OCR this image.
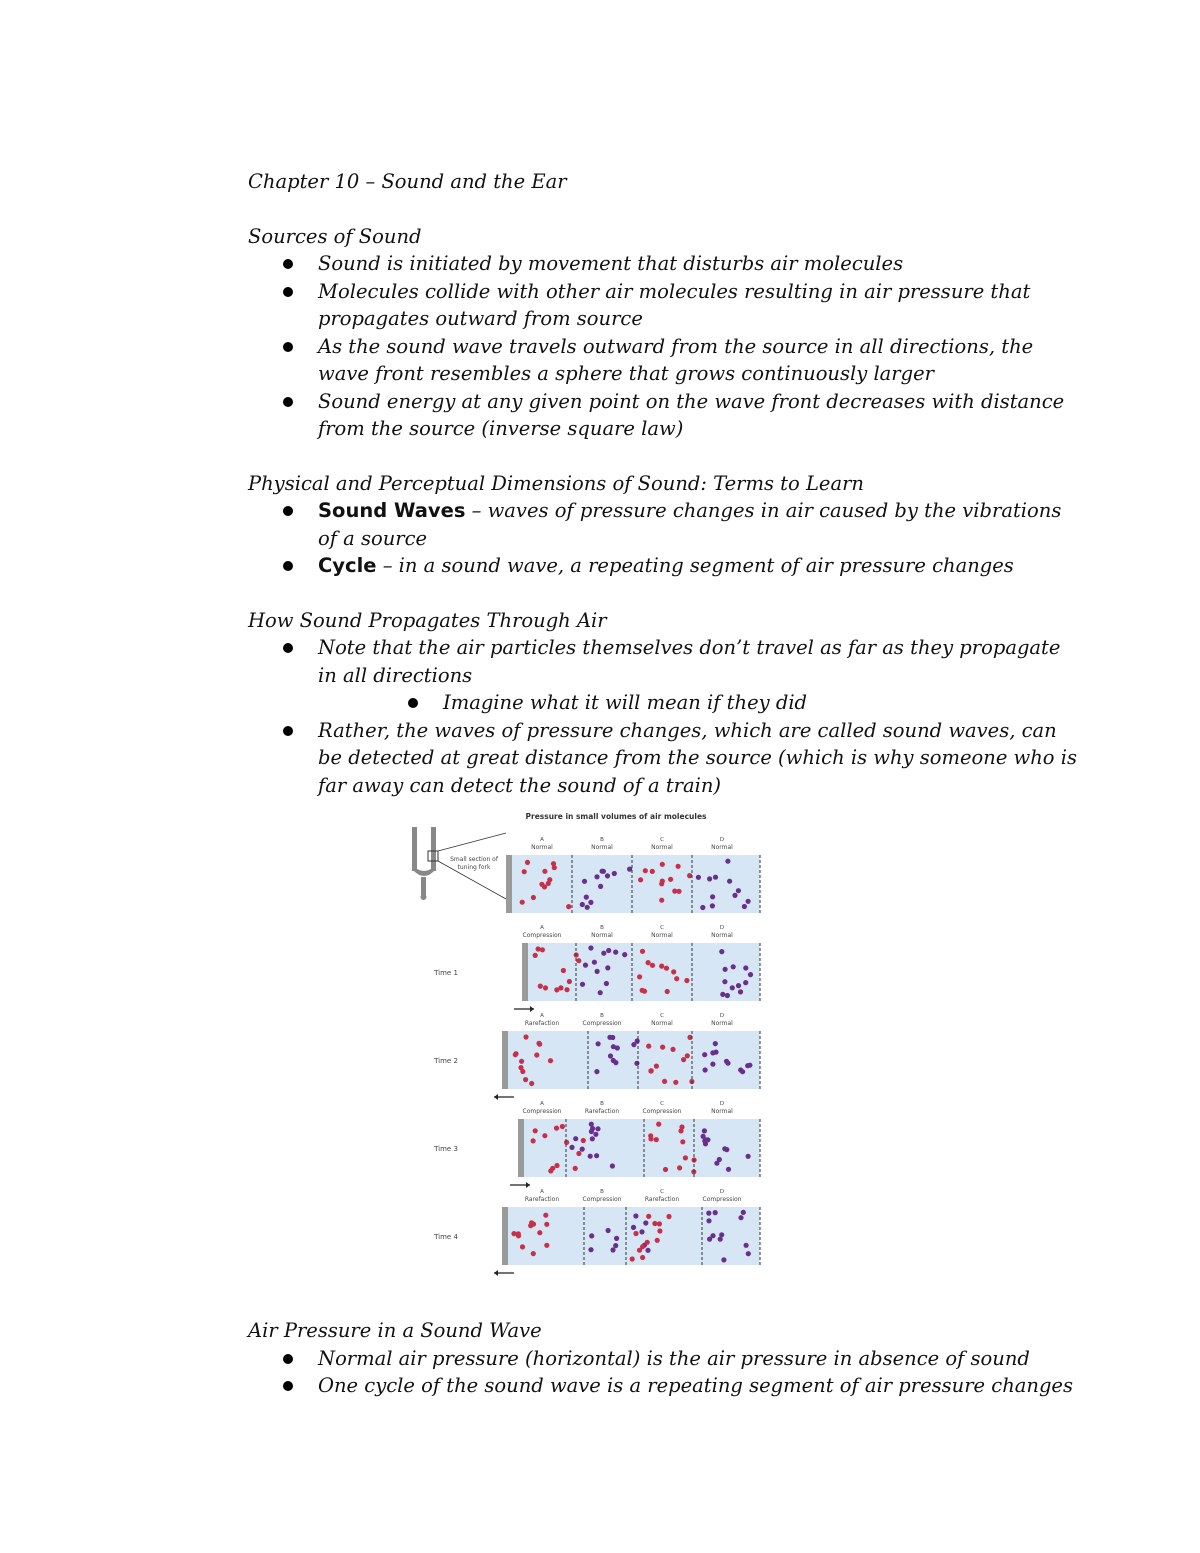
Chapter 10 – Sound and the Ear

Sources of Sound

Sound is initiated by movement that disturbs air molecules
Molecules collide with other air molecules resulting in air pressure that propagates outward from source
As the sound wave travels outward from the source in all directions, the wave front resembles a sphere that grows continuously larger
Sound energy at any given point on the wave front decreases with distance from the source (inverse square law)

Physical and Perceptual Dimensions of Sound: Terms to Learn

Sound Waves – waves of pressure changes in air caused by the vibrations of a source
Cycle – in a sound wave, a repeating segment of air pressure changes

How Sound Propagates Through Air

Note that the air particles themselves don’t travel as far as they propagate in all directions
Imagine what it will mean if they did
Rather, the waves of pressure changes, which are called sound waves, can be detected at great distance from the source (which is why someone who is far away can detect the sound of a train)
Pressure in small volumes of air molecules
Small section of
tuning fork
A
Normal
B
Normal
C
Normal
D
Normal
A
Compression
B
Normal
C
Normal
D
Normal
Time 1
A
Rarefaction
B
Compression
C
Normal
D
Normal
Time 2
A
Compression
B
Rarefaction
C
Compression
D
Normal
Time 3
A
Rarefaction
B
Compression
C
Rarefaction
D
Compression
Time 4

Air Pressure in a Sound Wave

Normal air pressure (horizontal) is the air pressure in absence of sound
One cycle of the sound wave is a repeating segment of air pressure changes
